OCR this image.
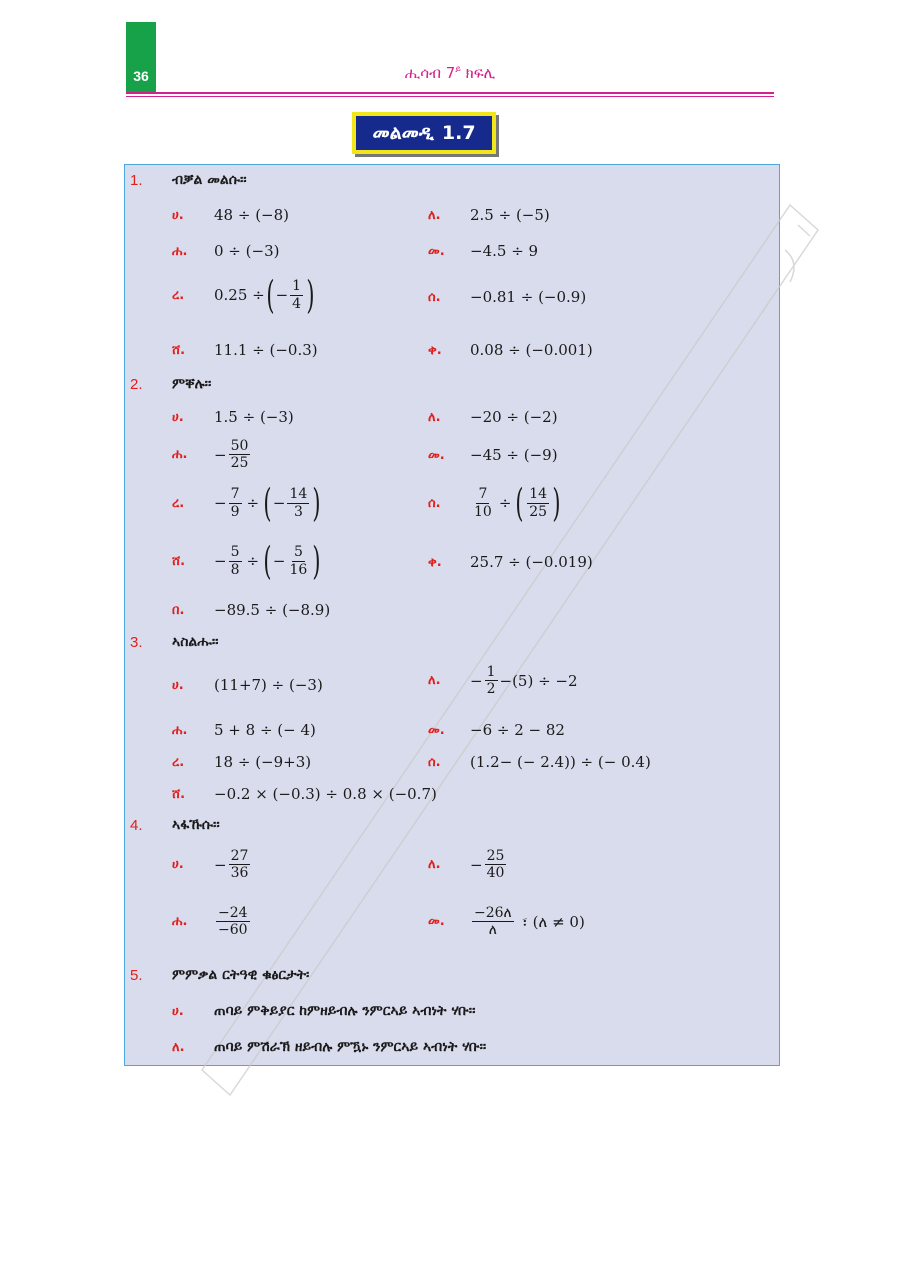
36	ሒሳብ $7^ይ$ ክፍሊ
መልመዲ 1.7
1. ብቓል መልሱ፡፡
ሀ.	48 ÷ (−8)	ለ.	2.5 ÷ (−5)
ሐ.	0 ÷ (−3)	መ.	−4.5 ÷ 9
ረ.	0.25 ÷ ( − $\frac{1}{4}$ )	ሰ.	−0.81 ÷ (−0.9)
ሸ.	11.1 ÷ (−0.3)	ቀ.	0.08 ÷ (−0.001)
2. ምቐሉ፡፡
ሀ.	1.5 ÷ (−3)	ለ.	−20 ÷ (−2)
ሐ.	− $\frac{50}{25}$	መ.	−45 ÷ (−9)
ረ.	− $\frac{7}{9}$ ÷ ( − $\frac{14}{3}$ )	ሰ.	$\frac{7}{10}$ ÷ ( $\frac{14}{25}$ )
ሸ.	− $\frac{5}{8}$ ÷ ( − $\frac{5}{16}$ )	ቀ.	25.7 ÷ (−0.019)
በ.	−89.5 ÷ (−8.9)
3. ኣስልሑ፡፡
ሀ.	(11+7) ÷ (−3)	ለ.	− $\frac{1}{2} -(5) \div -2$
ሐ.	5 + 8 ÷ (− 4)	መ.	−6 ÷ 2 − 82
ረ.	18 ÷ (−9+3)	ሰ.	(1.2− (− 2.4)) ÷ (− 0.4)
ሸ.	−0.2 × (−0.3) ÷ 0.8 × (−0.7)
4. ኣፋኹሱ፡፡
ሀ.	− $\frac{27}{36}$	ለ.	− $\frac{25}{40}$
ሐ.	$\frac{-24}{-60}$	መ.	$\frac{\text{−26ለ}}{\text{ለ}}$ ፣ (ለ ≠ 0)
5. ምምቃል ርትዓዊ ቁፅርታት፡
ሀ.	ጠባይ ምቅይያር ከምዘይብሉ ንምርኣይ ኣብነት ሃቡ፡፡
ለ.	ጠባይ ምሽራኽ ዘይብሉ ምዃኑ ንምርኣይ ኣብነት ሃቡ፡፡
